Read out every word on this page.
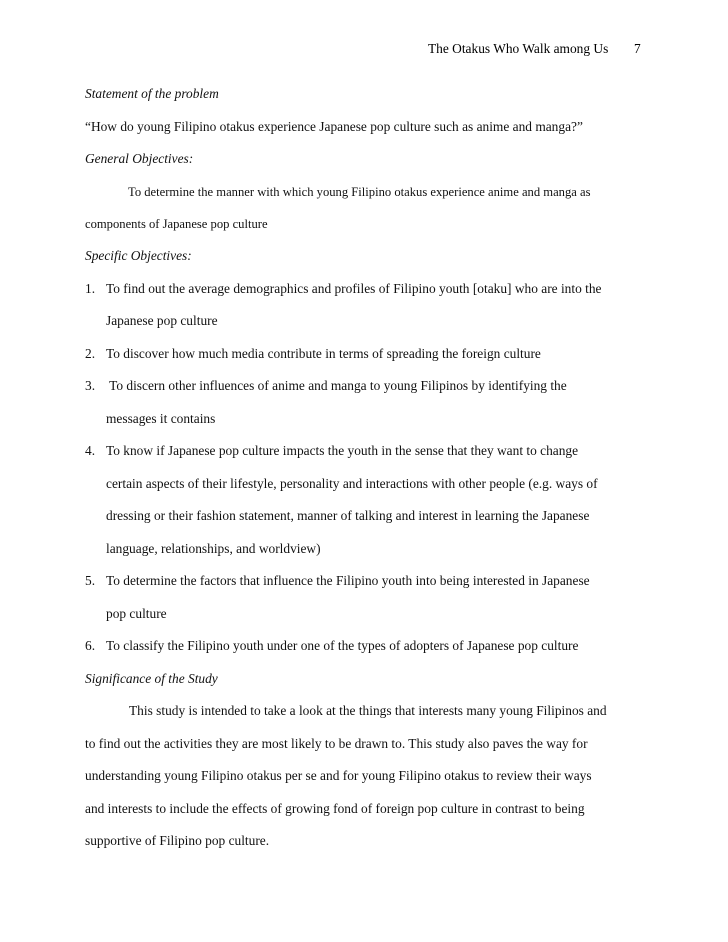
The Otakus Who Walk among Us 7
Statement of the problem
“How do young Filipino otakus experience Japanese pop culture such as anime and manga?”
General Objectives:
To determine the manner with which young Filipino otakus experience anime and manga as
components of Japanese pop culture
Specific Objectives:
1. To find out the average demographics and profiles of Filipino youth [otaku] who are into the
Japanese pop culture
2. To discover how much media contribute in terms of spreading the foreign culture
3. To discern other influences of anime and manga to young Filipinos by identifying the
messages it contains
4. To know if Japanese pop culture impacts the youth in the sense that they want to change
certain aspects of their lifestyle, personality and interactions with other people (e.g. ways of
dressing or their fashion statement, manner of talking and interest in learning the Japanese
language, relationships, and worldview)
5. To determine the factors that influence the Filipino youth into being interested in Japanese
pop culture
6. To classify the Filipino youth under one of the types of adopters of Japanese pop culture
Significance of the Study
This study is intended to take a look at the things that interests many young Filipinos and
to find out the activities they are most likely to be drawn to. This study also paves the way for
understanding young Filipino otakus per se and for young Filipino otakus to review their ways
and interests to include the effects of growing fond of foreign pop culture in contrast to being
supportive of Filipino pop culture.
